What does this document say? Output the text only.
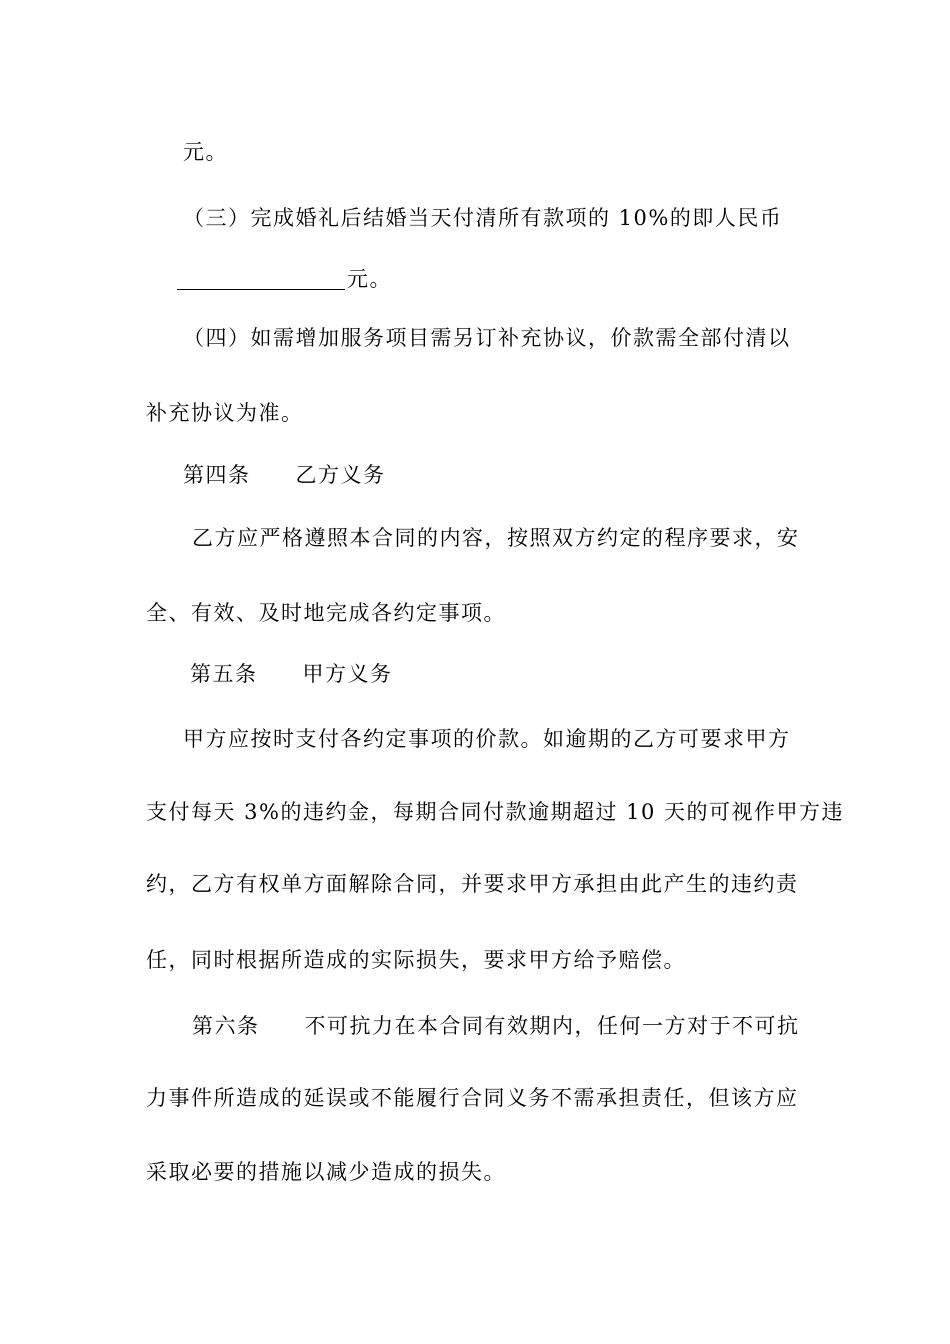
元。
（三）完成婚礼后结婚当天付清所有款项的 10%的即人民币
元。
（四）如需增加服务项目需另订补充协议，价款需全部付清以
补充协议为准。
第四条　　乙方义务
乙方应严格遵照本合同的内容，按照双方约定的程序要求，安
全、有效、及时地完成各约定事项。
第五条　　甲方义务
甲方应按时支付各约定事项的价款。如逾期的乙方可要求甲方
支付每天 3%的违约金，每期合同付款逾期超过 10 天的可视作甲方违
约，乙方有权单方面解除合同，并要求甲方承担由此产生的违约责
任，同时根据所造成的实际损失，要求甲方给予赔偿。
第六条　　不可抗力在本合同有效期内，任何一方对于不可抗
力事件所造成的延误或不能履行合同义务不需承担责任，但该方应
采取必要的措施以减少造成的损失。
